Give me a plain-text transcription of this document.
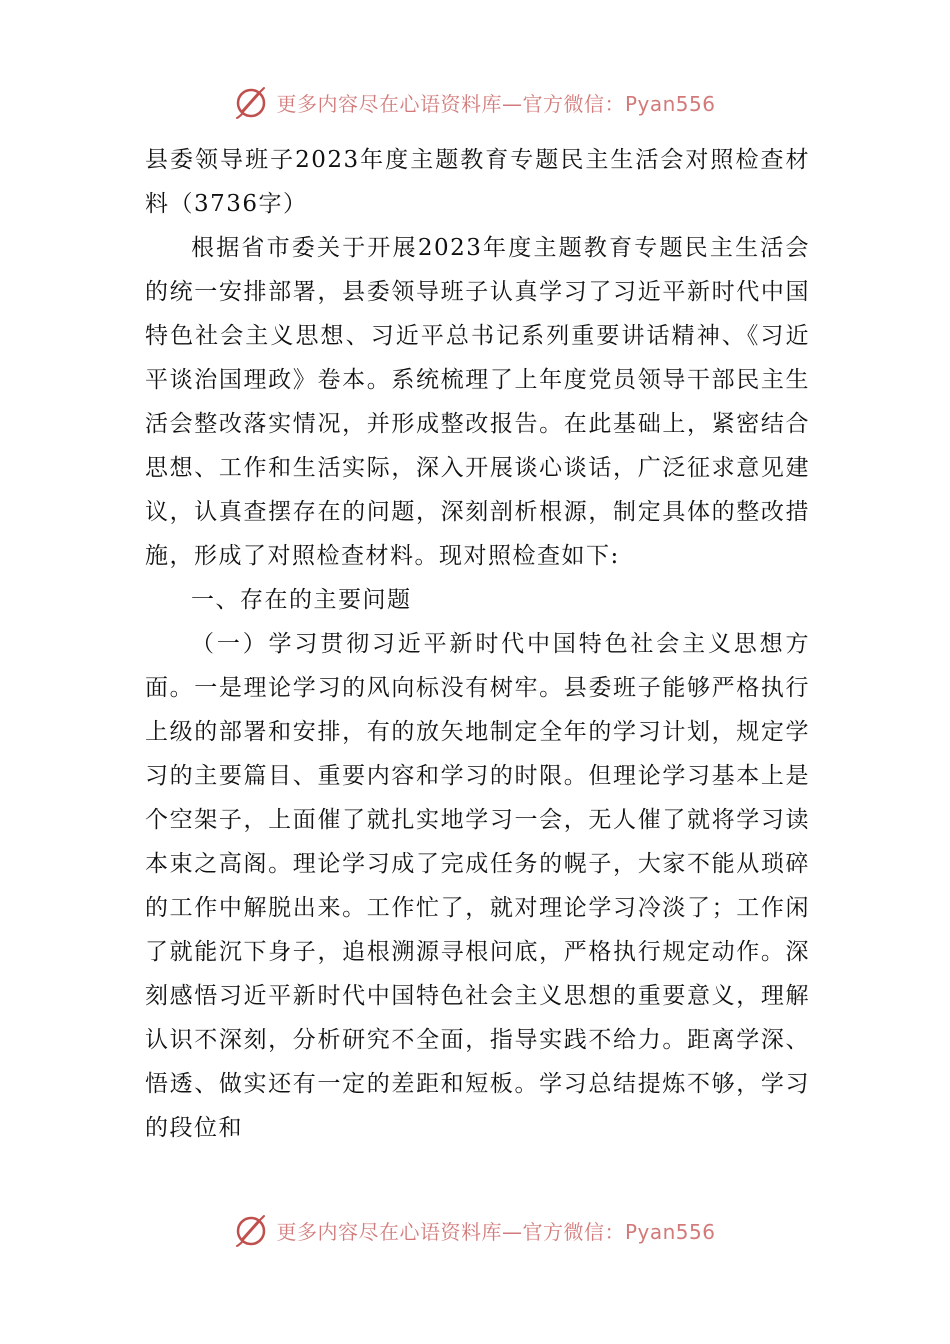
更多内容尽在心语资料库—官方微信：Pyan556

县委领导班子2023年度主题教育专题民主生活会对照检查材料（3736字）

根据省市委关于开展2023年度主题教育专题民主生活会的统一安排部署，县委领导班子认真学习了习近平新时代中国特色社会主义思想、习近平总书记系列重要讲话精神、《习近平谈治国理政》卷本。系统梳理了上年度党员领导干部民主生活会整改落实情况，并形成整改报告。在此基础上，紧密结合思想、工作和生活实际，深入开展谈心谈话，广泛征求意见建议，认真查摆存在的问题，深刻剖析根源，制定具体的整改措施，形成了对照检查材料。现对照检查如下:

一、存在的主要问题

（一）学习贯彻习近平新时代中国特色社会主义思想方面。一是理论学习的风向标没有树牢。县委班子能够严格执行上级的部署和安排，有的放矢地制定全年的学习计划，规定学习的主要篇目、重要内容和学习的时限。但理论学习基本上是个空架子，上面催了就扎实地学习一会，无人催了就将学习读本束之高阁。理论学习成了完成任务的幌子，大家不能从琐碎的工作中解脱出来。工作忙了，就对理论学习冷淡了；工作闲了就能沉下身子，追根溯源寻根问底，严格执行规定动作。深刻感悟习近平新时代中国特色社会主义思想的重要意义，理解认识不深刻，分析研究不全面，指导实践不给力。距离学深、悟透、做实还有一定的差距和短板。学习总结提炼不够，学习的段位和

更多内容尽在心语资料库—官方微信：Pyan556
